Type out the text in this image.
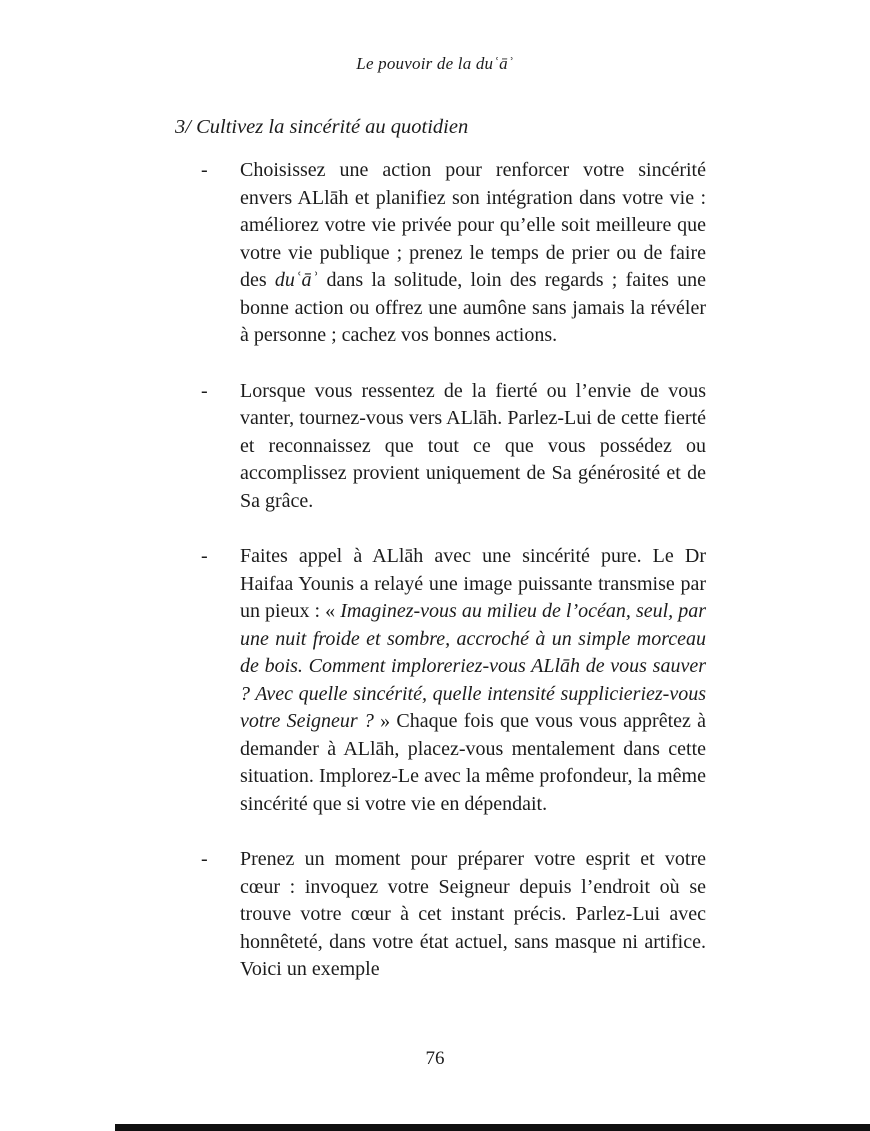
Le pouvoir de la duʿāʾ
3/ Cultivez la sincérité au quotidien
-	Choisissez une action pour renforcer votre sincérité envers ALlāh et planifiez son intégration dans votre vie : améliorez votre vie privée pour qu’elle soit meilleure que votre vie publique ; prenez le temps de prier ou de faire des duʿāʾ dans la solitude, loin des regards ; faites une bonne action ou offrez une aumône sans jamais la révéler à personne ; cachez vos bonnes actions.
-	Lorsque vous ressentez de la fierté ou l’envie de vous vanter, tournez-vous vers ALlāh. Parlez-Lui de cette fierté et reconnaissez que tout ce que vous possédez ou accomplissez provient uniquement de Sa générosité et de Sa grâce.
-	Faites appel à ALlāh avec une sincérité pure. Le Dr Haifaa Younis a relayé une image puissante transmise par un pieux : « Imaginez-vous au milieu de l’océan, seul, par une nuit froide et sombre, accroché à un simple morceau de bois. Comment imploreriez-vous ALlāh de vous sauver ? Avec quelle sincérité, quelle intensité supplicieriez-vous votre Seigneur ? » Chaque fois que vous vous apprêtez à demander à ALlāh, placez-vous mentalement dans cette situation. Implorez-Le avec la même profondeur, la même sincérité que si votre vie en dépendait.
-	Prenez un moment pour préparer votre esprit et votre cœur : invoquez votre Seigneur depuis l’endroit où se trouve votre cœur à cet instant précis. Parlez-Lui avec honnêteté, dans votre état actuel, sans masque ni artifice. Voici un exemple
76
